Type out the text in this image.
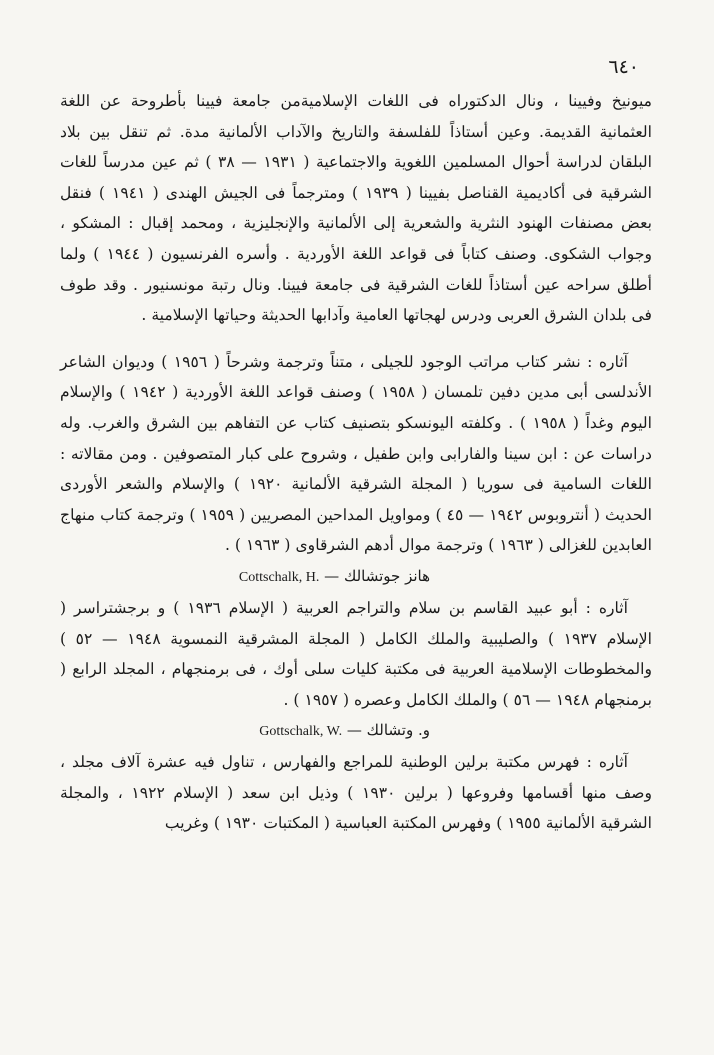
٦٤٠

ميونيخ وفيينا ، ونال الدكتوراه فى اللغات الإسلاميةمن جامعة فيينا بأطروحة عن اللغة العثمانية القديمة. وعين أستاذاً للفلسفة والتاريخ والآداب الألمانية مدة. ثم تنقل بين بلاد البلقان لدراسة أحوال المسلمين اللغوية والاجتماعية ( ١٩٣١ — ٣٨ ) ثم عين مدرساً للغات الشرقية فى أكاديمية القناصل بفيينا ( ١٩٣٩ ) ومترجماً فى الجيش الهندى ( ١٩٤١ ) فنقل بعض مصنفات الهنود النثرية والشعرية إلى الألمانية والإنجليزية ، ومحمد إقبال : المشكو ، وجواب الشكوى. وصنف كتاباً فى قواعد اللغة الأوردية . وأسره الفرنسيون ( ١٩٤٤ ) ولما أطلق سراحه عين أستاذاً للغات الشرقية فى جامعة فيينا. ونال رتبة مونسنيور . وقد طوف فى بلدان الشرق العربى ودرس لهجاتها العامية وآدابها الحديثة وحياتها الإسلامية .

آثاره : نشر كتاب مراتب الوجود للجيلى ، متناً وترجمة وشرحاً ( ١٩٥٦ ) وديوان الشاعر الأندلسى أبى مدين دفين تلمسان ( ١٩٥٨ ) وصنف قواعد اللغة الأوردية ( ١٩٤٢ ) والإسلام اليوم وغداً ( ١٩٥٨ ) . وكلفته اليونسكو بتصنيف كتاب عن التفاهم بين الشرق والغرب. وله دراسات عن : ابن سينا والفارابى وابن طفيل ، وشروح على كبار المتصوفين . ومن مقالاته : اللغات السامية فى سوريا ( المجلة الشرقية الألمانية ١٩٢٠ ) والإسلام والشعر الأوردى الحديث ( أنتروبوس ١٩٤٢ — ٤٥ ) ومواويل المداحين المصريين ( ١٩٥٩ ) وترجمة كتاب منهاج العابدين للغزالى ( ١٩٦٣ ) وترجمة موال أدهم الشرقاوى ( ١٩٦٣ ) .

هانز جوتشالك — Cottschalk, H.

آثاره : أبو عبيد القاسم بن سلام والتراجم العربية ( الإسلام ١٩٣٦ ) و برجشتراسر ( الإسلام ١٩٣٧ ) والصليبية والملك الكامل ( المجلة المشرقية النمسوية ١٩٤٨ — ٥٢ ) والمخطوطات الإسلامية العربية فى مكتبة كليات سلى أوك ، فى برمنجهام ، المجلد الرابع ( برمنجهام ١٩٤٨ — ٥٦ ) والملك الكامل وعصره ( ١٩٥٧ ) .

و. وتشالك — Gottschalk, W.

آثاره : فهرس مكتبة برلين الوطنية للمراجع والفهارس ، تناول فيه عشرة آلاف مجلد ، وصف منها أقسامها وفروعها ( برلين ١٩٣٠ ) وذيل ابن سعد ( الإسلام ١٩٢٢ ، والمجلة الشرقية الألمانية ١٩٥٥ ) وفهرس المكتبة العباسية ( المكتبات ١٩٣٠ ) وغريب
